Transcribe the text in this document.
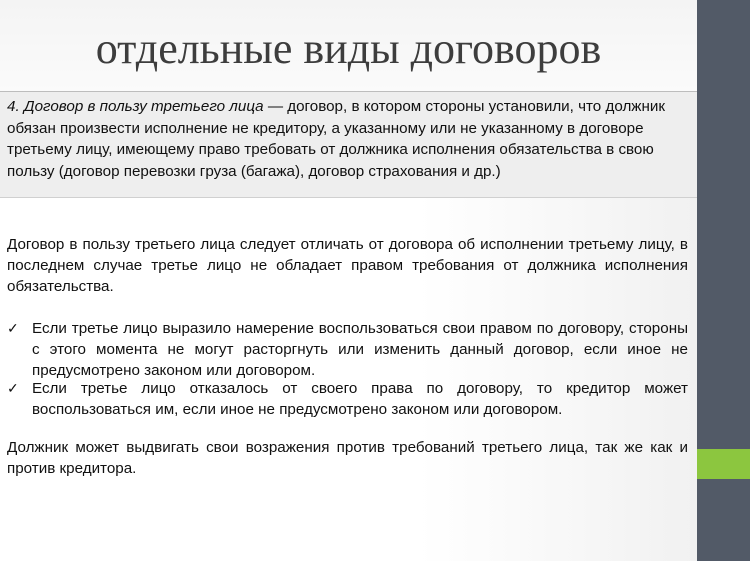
отдельные виды договоров

4. Договор в пользу третьего лица — договор, в котором стороны установили, что должник обязан произвести исполнение не кредитору, а указанному или не указанному в договоре третьему лицу, имеющему право требовать от должника исполнения обязательства в свою пользу (договор перевозки груза (багажа), договор страхования и др.)

Договор в пользу третьего лица следует отличать от договора об исполнении третьему лицу, в последнем случае третье лицо не обладает правом требования от должника исполнения обязательства.

✓ Если третье лицо выразило намерение воспользоваться свои правом по договору, стороны с этого момента не могут расторгнуть или изменить данный договор, если иное не предусмотрено законом или договором.

✓ Если третье лицо отказалось от своего права по договору, то кредитор может воспользоваться им, если иное не предусмотрено законом или договором.

Должник может выдвигать свои возражения против требований третьего лица, так же как и против кредитора.
